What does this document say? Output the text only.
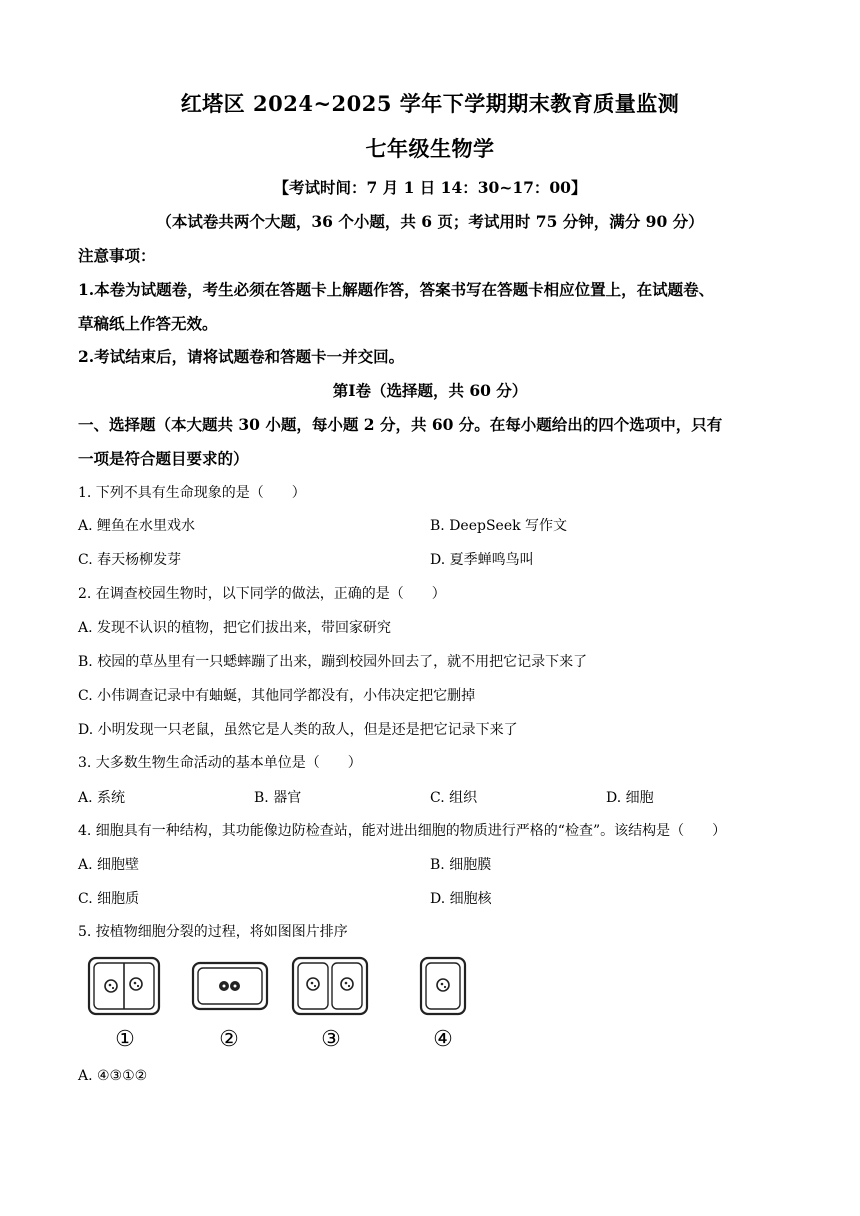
红塔区 2024~2025 学年下学期期末教育质量监测
七年级生物学
【考试时间：7 月 1 日 14：30~17：00】
（本试卷共两个大题，36 个小题，共 6 页；考试用时 75 分钟，满分 90 分）
注意事项：
1.本卷为试题卷，考生必须在答题卡上解题作答，答案书写在答题卡相应位置上，在试题卷、
草稿纸上作答无效。
2.考试结束后，请将试题卷和答题卡一并交回。
第Ⅰ卷（选择题，共 60 分）
一、选择题（本大题共 30 小题，每小题 2 分，共 60 分。在每小题给出的四个选项中，只有
一项是符合题目要求的）
1. 下列不具有生命现象的是（　　）
A. 鲤鱼在水里戏水	B. DeepSeek 写作文
C. 春天杨柳发芽	D. 夏季蝉鸣鸟叫
2. 在调查校园生物时，以下同学的做法，正确的是（　　）
A. 发现不认识的植物，把它们拔出来，带回家研究
B. 校园的草丛里有一只蟋蟀蹦了出来，蹦到校园外回去了，就不用把它记录下来了
C. 小伟调查记录中有蚰蜒，其他同学都没有，小伟决定把它删掉
D. 小明发现一只老鼠，虽然它是人类的敌人，但是还是把它记录下来了
3. 大多数生物生命活动的基本单位是（　　）
A. 系统	B. 器官	C. 组织	D. 细胞
4. 细胞具有一种结构，其功能像边防检查站，能对进出细胞的物质进行严格的“检查”。该结构是（　　）
A. 细胞壁	B. 细胞膜
C. 细胞质	D. 细胞核
5. 按植物细胞分裂的过程，将如图图片排序
①	②	③	④
A. ④③①②
